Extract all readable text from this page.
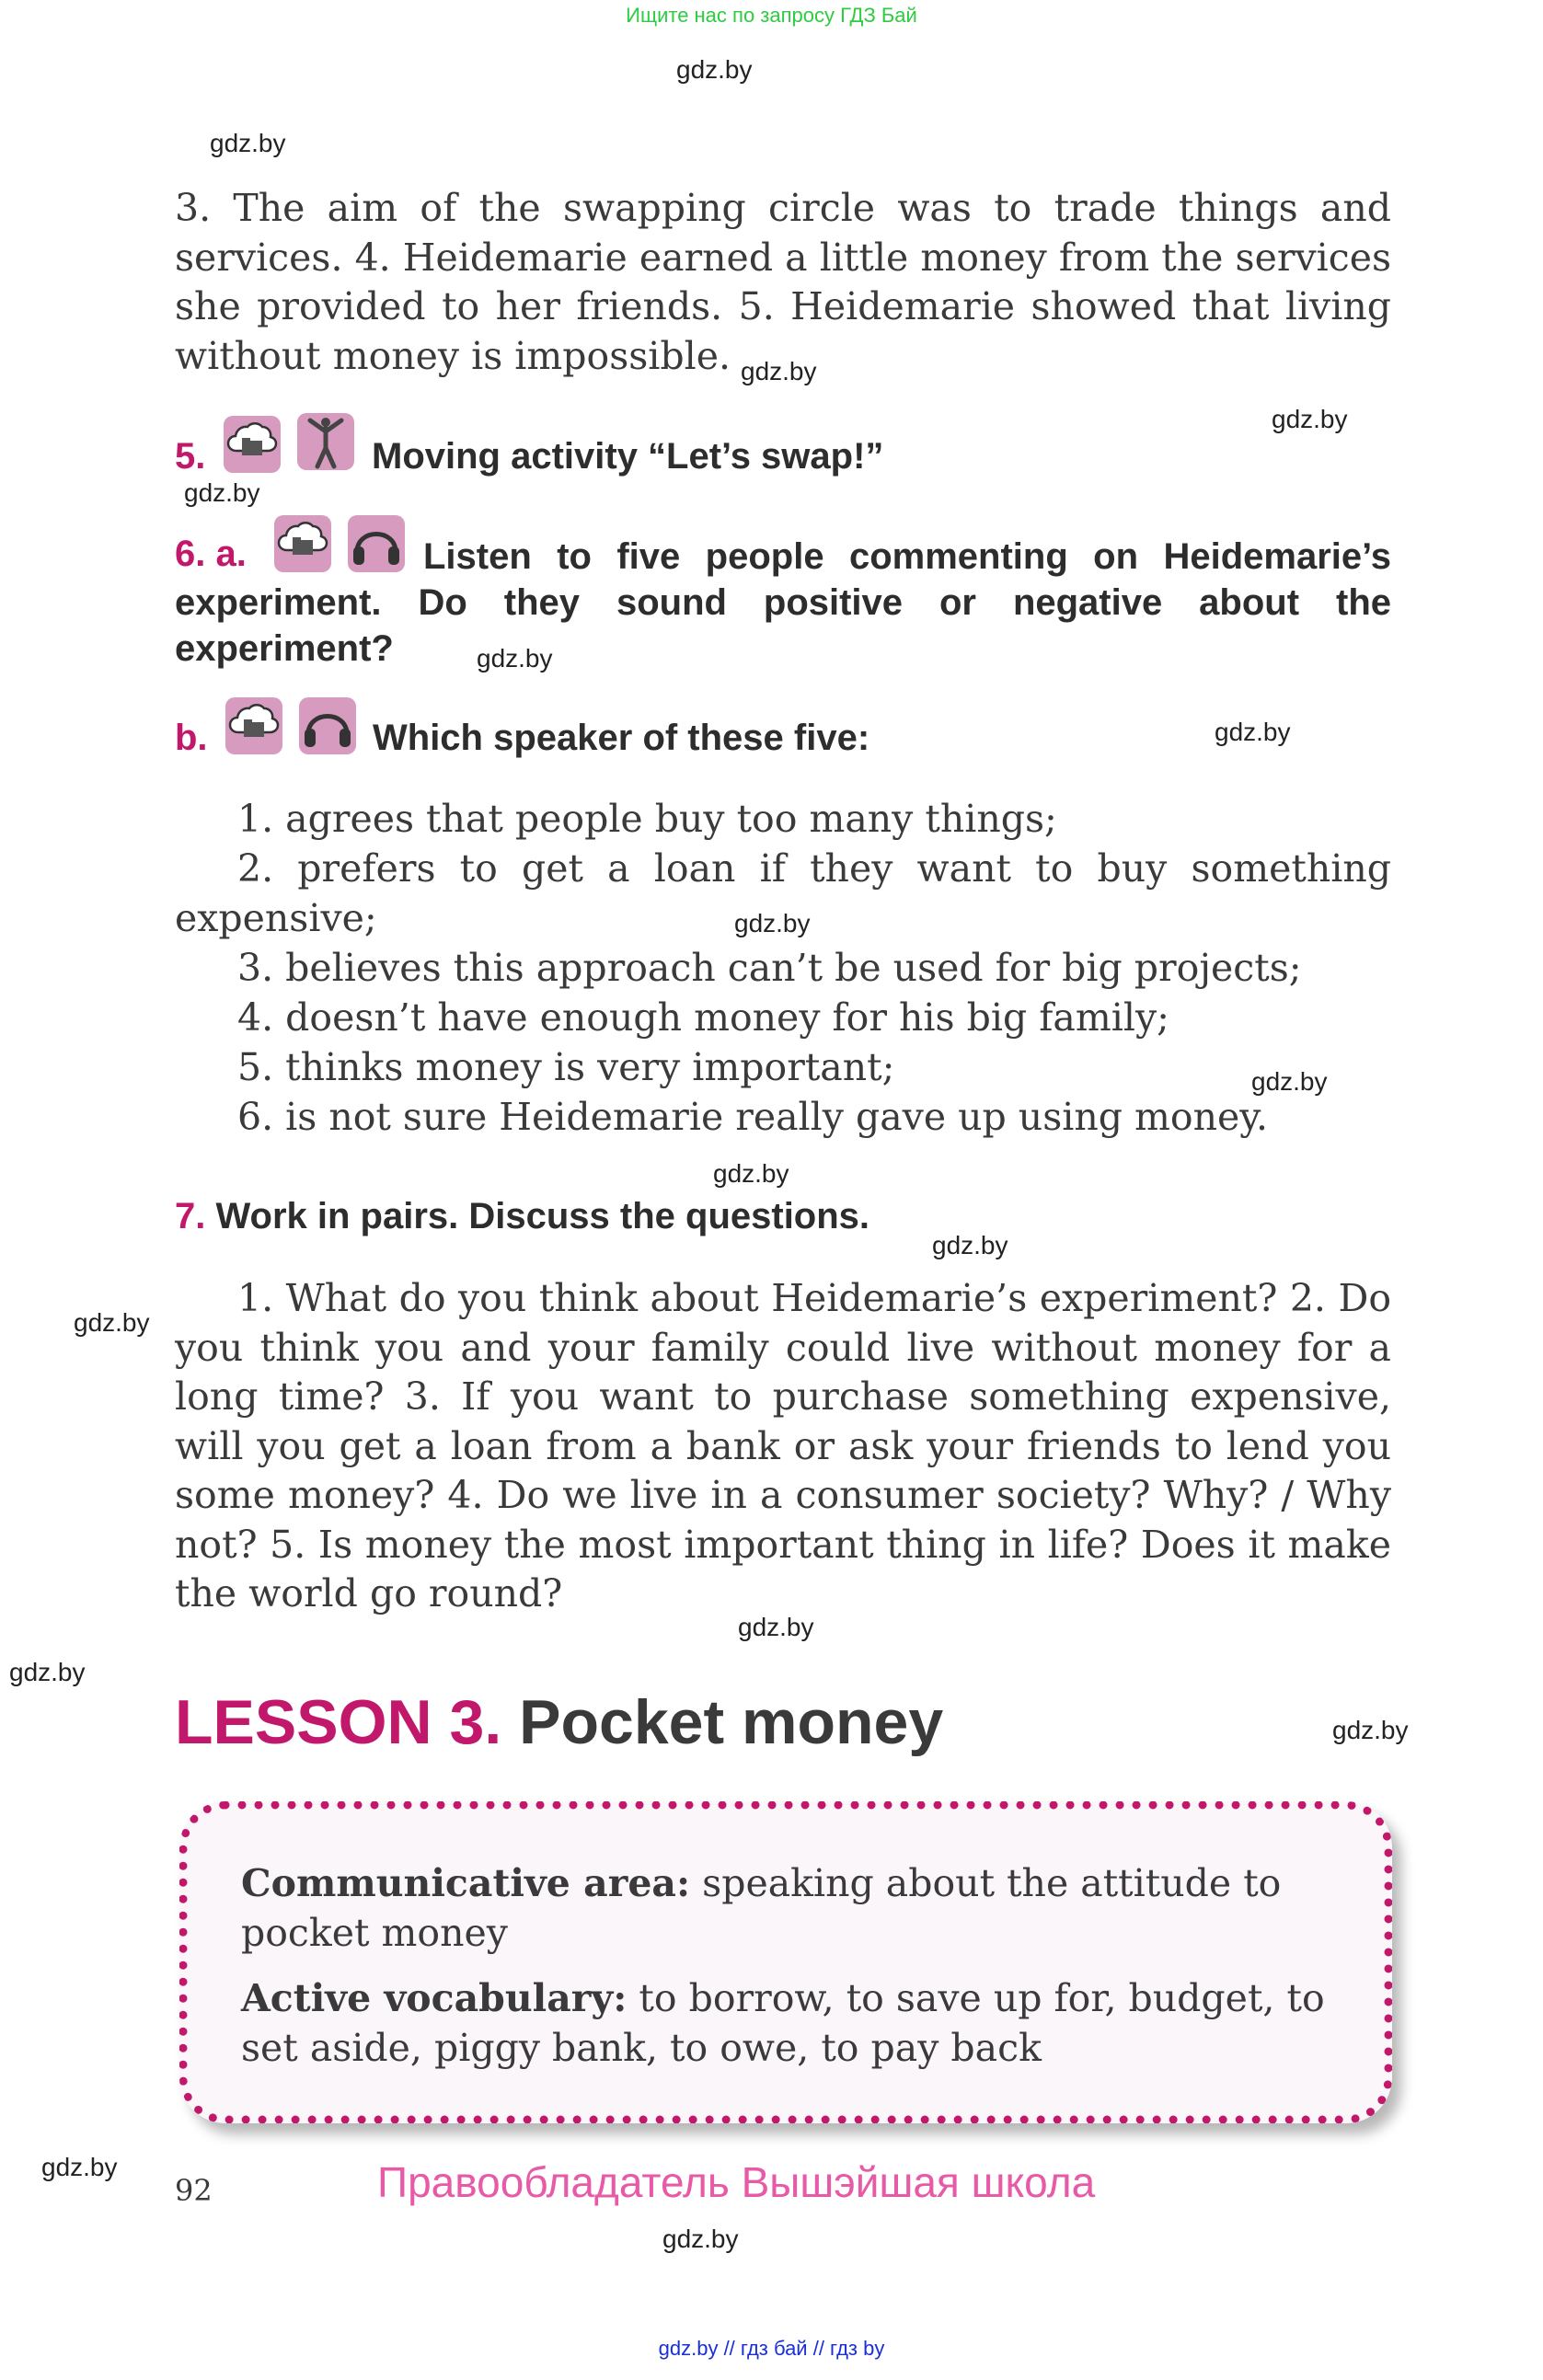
Ищите нас по запросу ГДЗ Бай
gdz.by // гдз бай // гдз by
gdz.by
gdz.by
gdz.by
gdz.by
gdz.by
gdz.by
gdz.by
gdz.by
gdz.by
gdz.by
gdz.by
gdz.by
gdz.by
gdz.by
gdz.by
gdz.by
gdz.by
3. The aim of the swapping circle was to trade things and services. 4. Heidemarie earned a little money from the services she provided to her friends. 5. Heidemarie showed that living without money is impossible.
5.	Moving activity “Let’s swap!”
Listen to five people commenting on Heidemarie’s experiment. Do they sound positive or negative about the experiment?
6. a.
b.	Which speaker of these five:
1. agrees that people buy too many things;
2. prefers to get a loan if they want to buy something
expensive;
3. believes this approach can’t be used for big projects;
4. doesn’t have enough money for his big family;
5. thinks money is very important;
6. is not sure Heidemarie really gave up using money.
7. Work in pairs. Discuss the questions.
1. What do you think about Heidemarie’s experiment? 2. Do you think you and your family could live without money for a long time? 3. If you want to purchase something expensive, will you get a loan from a bank or ask your friends to lend you some money? 4. Do we live in a consumer society? Why? / Why not? 5. Is money the most important thing in life? Does it make the world go round?
LESSON 3. Pocket money
Communicative area: speaking about the attitude to pocket money
Active vocabulary: to borrow, to save up for, budget, to set aside, piggy bank, to owe, to pay back
92	Правообладатель Вышэйшая школа
